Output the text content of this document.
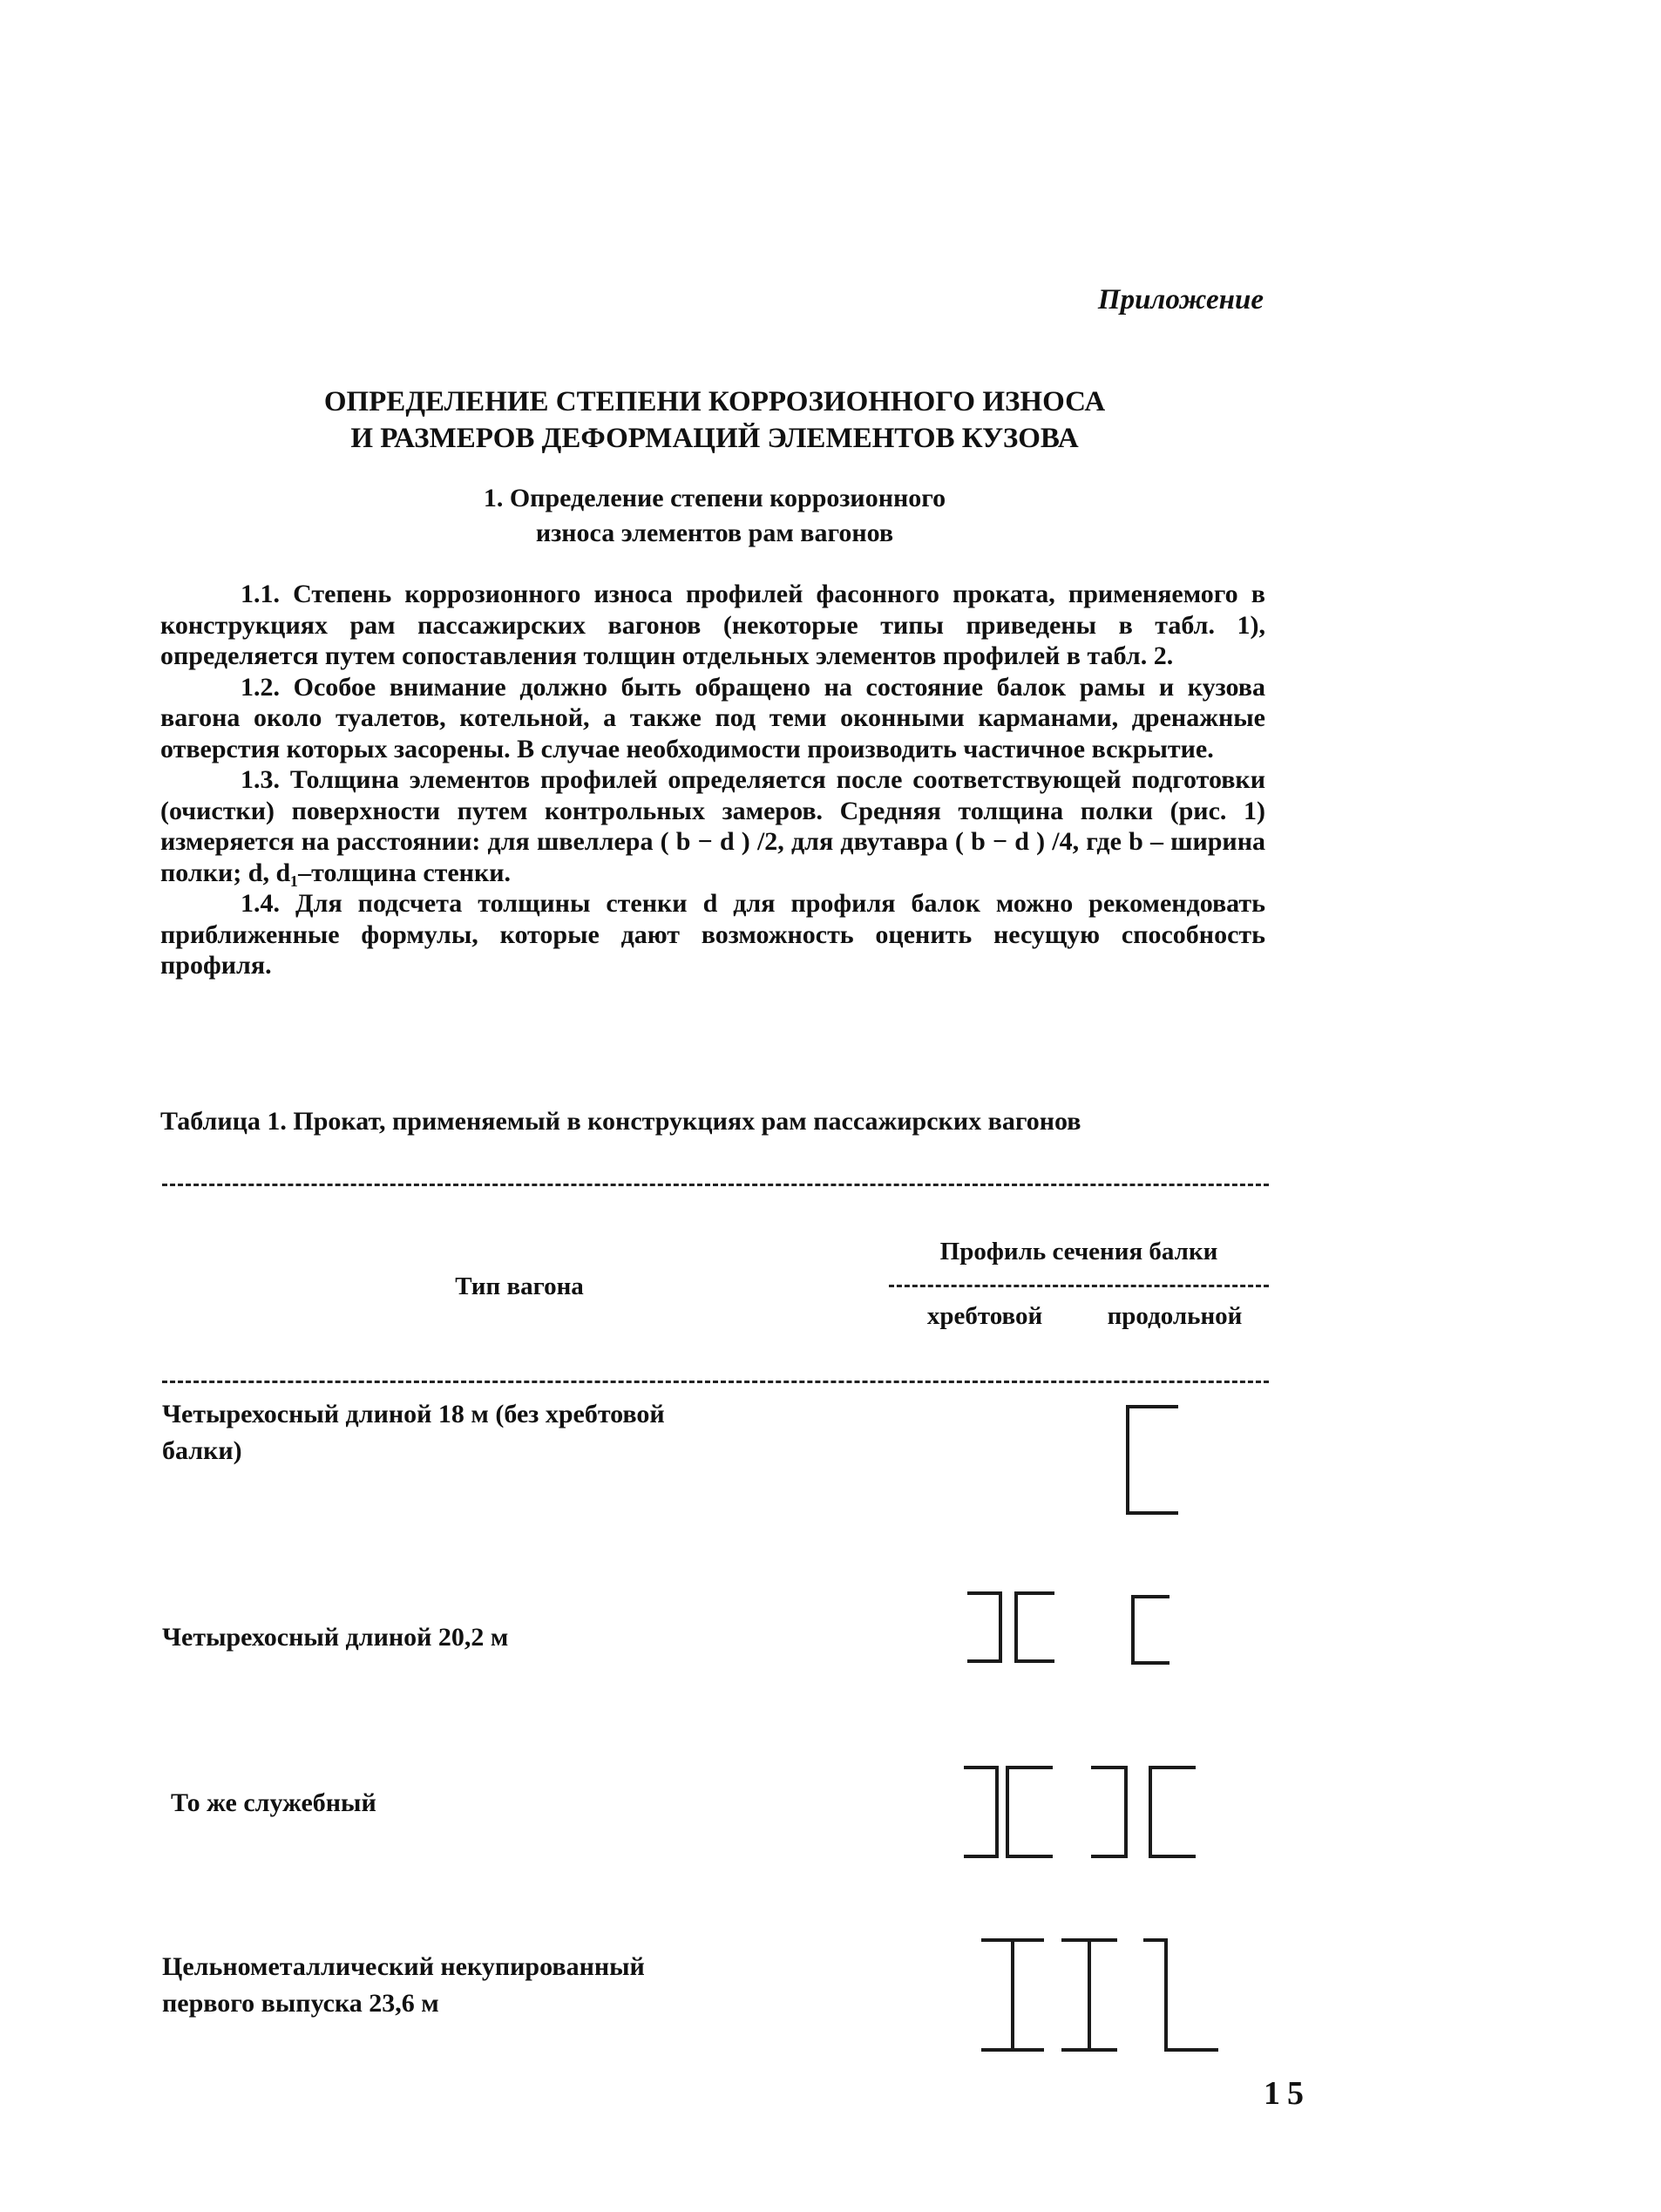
Приложение
ОПРЕДЕЛЕНИЕ СТЕПЕНИ КОРРОЗИОННОГО ИЗНОСА
И РАЗМЕРОВ ДЕФОРМАЦИЙ ЭЛЕМЕНТОВ КУЗОВА
1. Определение степени коррозионного
износа элементов рам вагонов

1.1. Степень коррозионного износа профилей фасонного проката, применяемого в конструкциях рам пассажирских вагонов (некоторые типы приведены в табл. 1), определяется путем сопоставления толщин отдельных элементов профилей в табл. 2.

1.2. Особое внимание должно быть обращено на состояние балок рамы и кузова вагона около туалетов, котельной, а также под теми оконными карманами, дренажные отверстия которых засорены. В случае необходимости производить частичное вскрытие.

1.3. Толщина элементов профилей определяется после соответствующей подготовки (очистки) поверхности путем контрольных замеров. Средняя толщина полки (рис. 1) измеряется на расстоянии: для швеллера ( b − d ) /2, для двутавра ( b − d ) /4, где b – ширина полки; d, d₁–толщина стенки.

1.4. Для подсчета толщины стенки d для профиля балок можно рекомендовать приближенные формулы, которые дают возможность оценить несущую способность профиля.

Таблица 1. Прокат, применяемый в конструкциях рам пассажирских вагонов
Тип вагона
Профиль сечения балки
хребтовой	продольной
Четырехосный длиной 18 м (без хребтовой
балки)
Четырехосный длиной 20,2 м
То же служебный
Цельнометаллический некупированный
первого выпуска 23,6 м
15
